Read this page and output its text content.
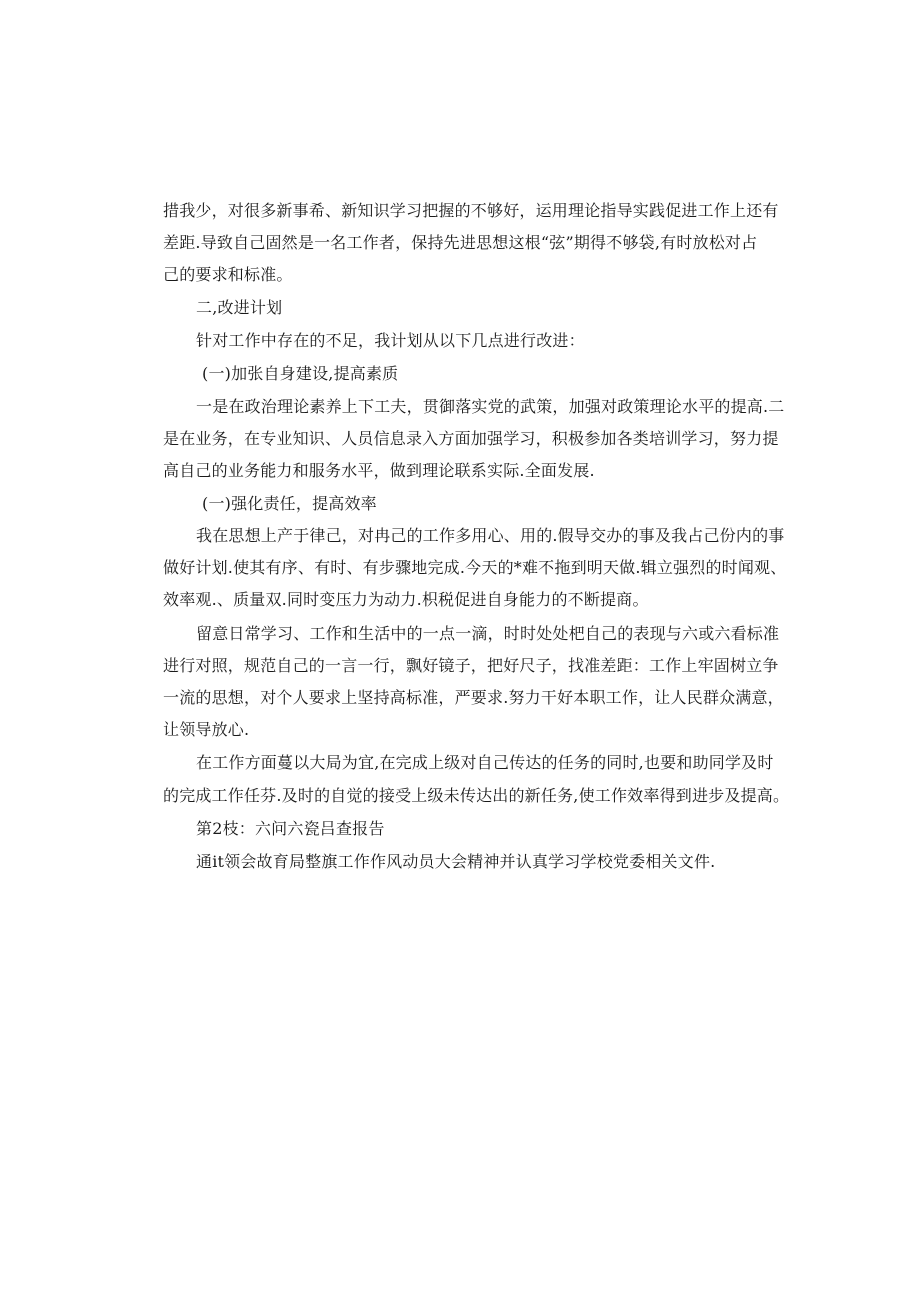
措我少，对很多新事希、新知识学习把握的不够好，运用理论指导实践促进工作上还有
差距.导致自己固然是一名工作者，保持先进思想这根“弦”期得不够袋,有时放松对占
己的要求和标准。
二,改进计划
针对工作中存在的不足，我计划从以下几点进行改进：
(一)加张自身建设,提高素质
一是在政治理论素养上下工夫，贯御落实党的武策，加强对政策理论水平的提高.二
是在业务，在专业知识、人员信息录入方面加强学习，积极参加各类培训学习，努力提
高自己的业务能力和服务水平，做到理论联系实际.全面发展.
(一)强化责任，提高效率
我在思想上产于律己，对冉己的工作多用心、用的.假导交办的事及我占己份内的事
做好计划.使其有序、有时、有步骤地完成.今天的*难不拖到明天做.辑立强烈的时闻观、
效率观.、质量双.同时变压力为动力.枳税促进自身能力的不断提商。
留意日常学习、工作和生活中的一点一滴，时时处处杷自己的表现与六或六看标准
进行对照，规范自己的一言一行，飘好镜子，把好尺子，找准差距：工作上牢固树立争
一流的思想，对个人要求上坚持高标准，严要求.努力干好本职工作，让人民群众满意，
让领导放心.
在工作方面蔓以大局为宜,在完成上级对自己传达的任务的同时,也要和助同学及时
的完成工作任芬.及时的自觉的接受上级未传达出的新任务,使工作效率得到进步及提高。
第2枝：六问六瓷吕查报告
通it领会故育局整旗工作作风动员大会精神并认真学习学校党委相关文件.
